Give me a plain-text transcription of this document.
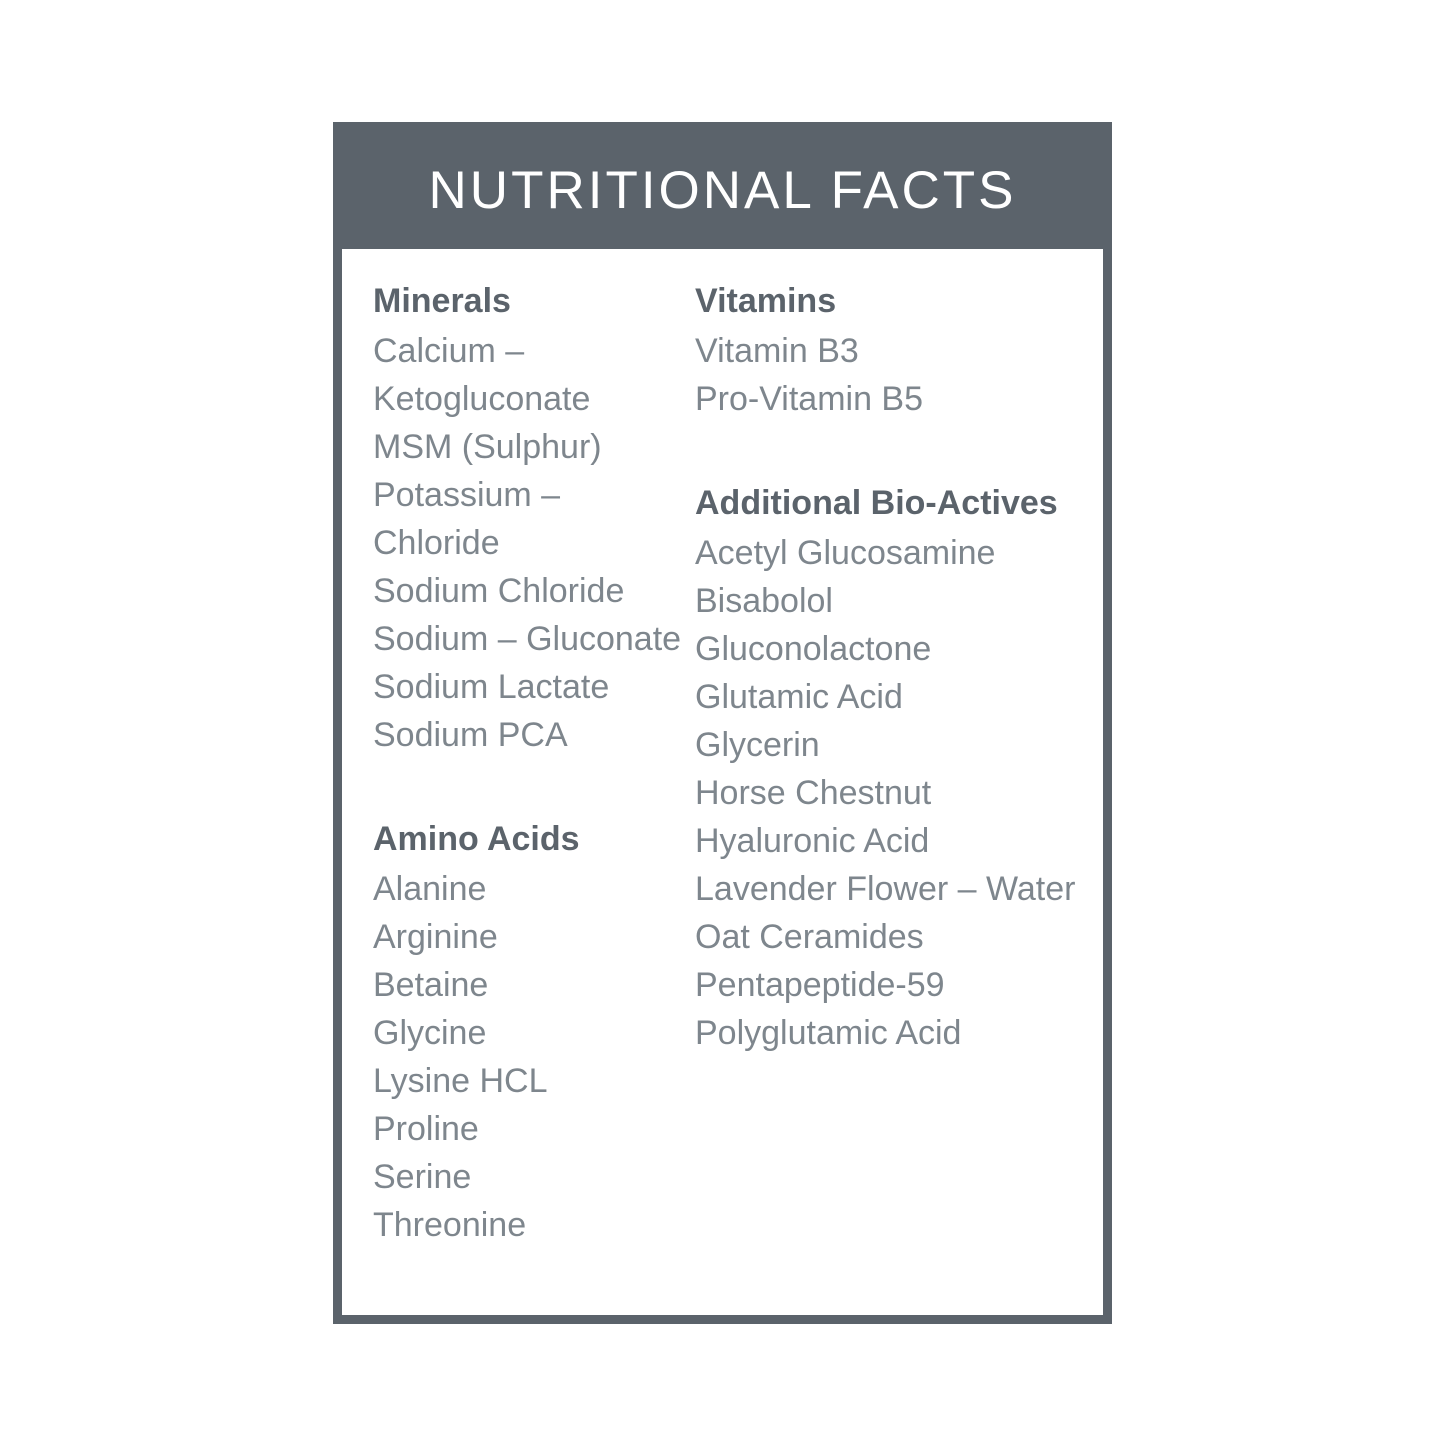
NUTRITIONAL FACTS
Minerals
Calcium – Ketogluconate
MSM (Sulphur)
Potassium – Chloride
Sodium Chloride
Sodium – Gluconate
Sodium Lactate
Sodium PCA
Amino Acids
Alanine
Arginine
Betaine
Glycine
Lysine HCL
Proline
Serine
Threonine
Vitamins
Vitamin B3
Pro-Vitamin B5
Additional Bio-Actives
Acetyl Glucosamine
Bisabolol
Gluconolactone
Glutamic Acid
Glycerin
Horse Chestnut
Hyaluronic Acid
Lavender Flower – Water
Oat Ceramides
Pentapeptide-59
Polyglutamic Acid
